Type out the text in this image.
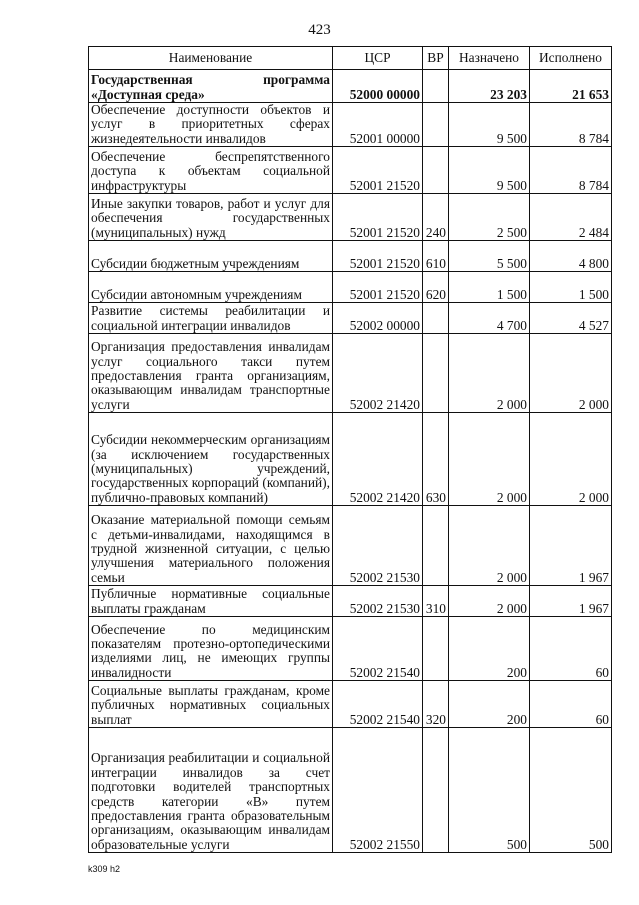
423
Наименование	ЦСР	ВР	Назначено	Исполнено
Государственная программа «Доступная среда»	52000 00000		23 203	21 653
Обеспечение доступности объектов и услуг в приоритетных сферах жизнедеятельности инвалидов	52001 00000		9 500	8 784
Обеспечение беспрепятственного доступа к объектам социальной инфраструктуры	52001 21520		9 500	8 784
Иные закупки товаров, работ и услуг для обеспечения государственных (муниципальных) нужд	52001 21520	240	2 500	2 484
Субсидии бюджетным учреждениям	52001 21520	610	5 500	4 800
Субсидии автономным учреждениям	52001 21520	620	1 500	1 500
Развитие системы реабилитации и социальной интеграции инвалидов	52002 00000		4 700	4 527
Организация предоставления инвалидам услуг социального такси путем предоставления гранта организациям, оказывающим инвалидам транспортные услуги	52002 21420		2 000	2 000
Субсидии некоммерческим организациям (за исключением государственных (муниципальных) учреждений, государственных корпораций (компаний), публично-правовых компаний)	52002 21420	630	2 000	2 000
Оказание материальной помощи семьям с детьми-инвалидами, находящимся в трудной жизненной ситуации, с целью улучшения материального положения семьи	52002 21530		2 000	1 967
Публичные нормативные социальные выплаты гражданам	52002 21530	310	2 000	1 967
Обеспечение по медицинским показателям протезно-ортопедическими изделиями лиц, не имеющих группы инвалидности	52002 21540		200	60
Социальные выплаты гражданам, кроме публичных нормативных социальных выплат	52002 21540	320	200	60
Организация реабилитации и социальной интеграции инвалидов за счет подготовки водителей транспортных средств категории «В» путем предоставления гранта образовательным организациям, оказывающим инвалидам образовательные услуги	52002 21550		500	500
k309 h2
